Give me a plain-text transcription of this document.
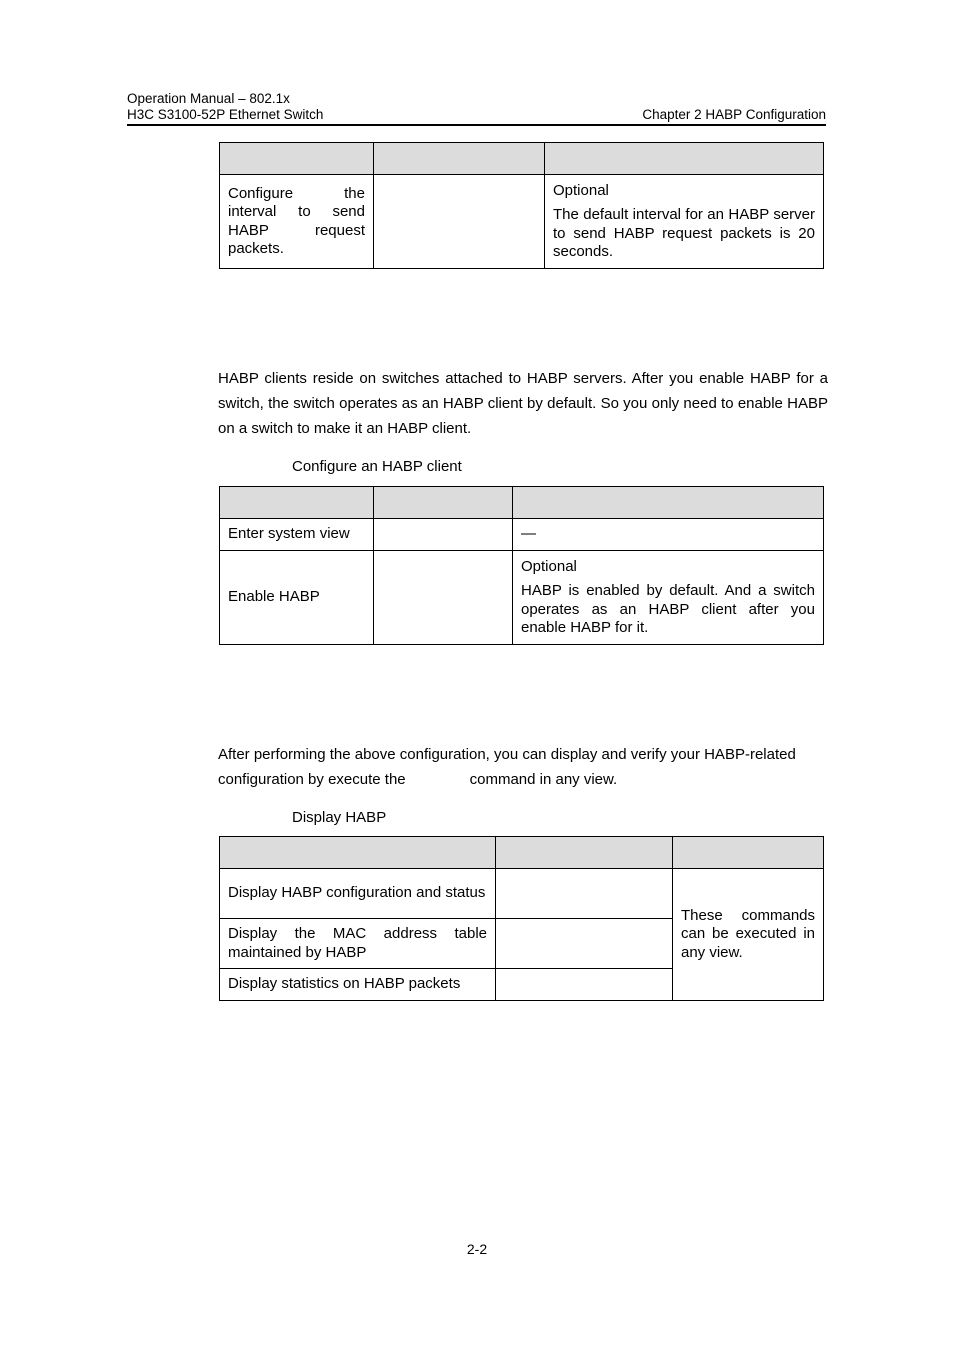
Operation Manual – 802.1x
H3C S3100-52P Ethernet Switch	Chapter 2 HABP Configuration

Configure the interval to send HABP request packets.		Optional
The default interval for an HABP server to send HABP request packets is 20 seconds.

HABP clients reside on switches attached to HABP servers. After you enable HABP for a switch, the switch operates as an HABP client by default. So you only need to enable HABP on a switch to make it an HABP client.

Configure an HABP client

Enter system view		—
Enable HABP		Optional
HABP is enabled by default. And a switch operates as an HABP client after you enable HABP for it.

After performing the above configuration, you can display and verify your HABP-related configuration by execute the	command in any view.

Display HABP

Display HABP configuration and status		These commands can be executed in any view.
Display the MAC address table maintained by HABP		
Display statistics on HABP packets		
2-2
